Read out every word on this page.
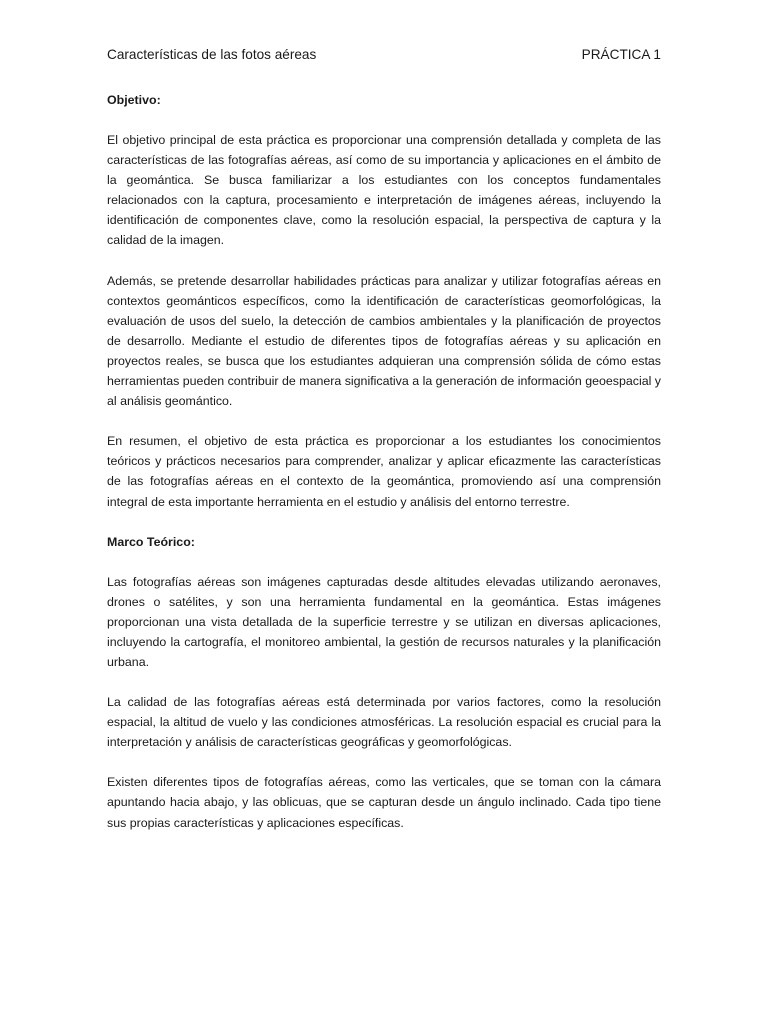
Características de las fotos aéreas	PRÁCTICA 1
Objetivo:

El objetivo principal de esta práctica es proporcionar una comprensión detallada y completa de las características de las fotografías aéreas, así como de su importancia y aplicaciones en el ámbito de la geomántica. Se busca familiarizar a los estudiantes con los conceptos fundamentales relacionados con la captura, procesamiento e interpretación de imágenes aéreas, incluyendo la identificación de componentes clave, como la resolución espacial, la perspectiva de captura y la calidad de la imagen.

Además, se pretende desarrollar habilidades prácticas para analizar y utilizar fotografías aéreas en contextos geománticos específicos, como la identificación de características geomorfológicas, la evaluación de usos del suelo, la detección de cambios ambientales y la planificación de proyectos de desarrollo. Mediante el estudio de diferentes tipos de fotografías aéreas y su aplicación en proyectos reales, se busca que los estudiantes adquieran una comprensión sólida de cómo estas herramientas pueden contribuir de manera significativa a la generación de información geoespacial y al análisis geomántico.

En resumen, el objetivo de esta práctica es proporcionar a los estudiantes los conocimientos teóricos y prácticos necesarios para comprender, analizar y aplicar eficazmente las características de las fotografías aéreas en el contexto de la geomántica, promoviendo así una comprensión integral de esta importante herramienta en el estudio y análisis del entorno terrestre.

Marco Teórico:

Las fotografías aéreas son imágenes capturadas desde altitudes elevadas utilizando aeronaves, drones o satélites, y son una herramienta fundamental en la geomántica. Estas imágenes proporcionan una vista detallada de la superficie terrestre y se utilizan en diversas aplicaciones, incluyendo la cartografía, el monitoreo ambiental, la gestión de recursos naturales y la planificación urbana.

La calidad de las fotografías aéreas está determinada por varios factores, como la resolución espacial, la altitud de vuelo y las condiciones atmosféricas. La resolución espacial es crucial para la interpretación y análisis de características geográficas y geomorfológicas.

Existen diferentes tipos de fotografías aéreas, como las verticales, que se toman con la cámara apuntando hacia abajo, y las oblicuas, que se capturan desde un ángulo inclinado. Cada tipo tiene sus propias características y aplicaciones específicas.
